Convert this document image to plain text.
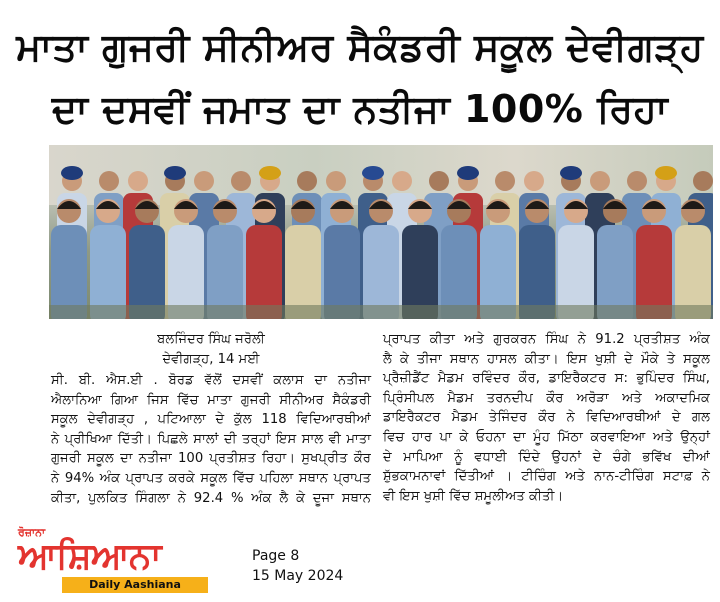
ਮਾਤਾ ਗੁਜਰੀ ਸੀਨੀਅਰ ਸੈਕੰਡਰੀ ਸਕੂਲ ਦੇਵੀਗੜ੍ਹ
ਦਾ ਦਸਵੀਂ ਜਮਾਤ ਦਾ ਨਤੀਜਾ 100% ਰਿਹਾ
ਬਲਜਿੰਦਰ ਸਿੰਘ ਜਰੋਲੀ
ਦੇਵੀਗੜ੍ਹ, 14 ਮਈ
ਸੀ. ਬੀ. ਐਸ.ਈ . ਬੋਰਡ ਵੱਲੋਂ ਦਸਵੀਂ ਕਲਾਸ ਦਾ ਨਤੀਜਾ
ਐਲਾਨਿਆ ਗਿਆ ਜਿਸ ਵਿੱਚ ਮਾਤਾ ਗੁਜਰੀ ਸੀਨੀਅਰ ਸੈਕੰਡਰੀ
ਸਕੂਲ ਦੇਵੀਗੜ੍ਹ , ਪਟਿਆਲਾ ਦੇ ਕੁੱਲ 118 ਵਿਦਿਆਰਥੀਆਂ
ਨੇ ਪ੍ਰੀਖਿਆ ਦਿੱਤੀ। ਪਿਛਲੇ ਸਾਲਾਂ ਦੀ ਤਰ੍ਹਾਂ ਇਸ ਸਾਲ ਵੀ ਮਾਤਾ
ਗੁਜਰੀ ਸਕੂਲ ਦਾ ਨਤੀਜਾ 100 ਪ੍ਰਤੀਸ਼ਤ ਰਿਹਾ। ਸੁਖਪ੍ਰੀਤ ਕੌਰ
ਨੇ 94% ਅੰਕ ਪ੍ਰਾਪਤ ਕਰਕੇ ਸਕੂਲ ਵਿੱਚ ਪਹਿਲਾ ਸਥਾਨ ਪ੍ਰਾਪਤ
ਕੀਤਾ, ਪੁਲਕਿਤ ਸਿੰਗਲਾ ਨੇ 92.4 % ਅੰਕ ਲੈ ਕੇ ਦੂਜਾ ਸਥਾਨ
ਪ੍ਰਾਪਤ ਕੀਤਾ ਅਤੇ ਗੁਰਕਰਨ ਸਿੰਘ ਨੇ 91.2 ਪ੍ਰਤੀਸ਼ਤ ਅੰਕ
ਲੈ ਕੇ ਤੀਜਾ ਸਥਾਨ ਹਾਸਲ ਕੀਤਾ। ਇਸ ਖੁਸ਼ੀ ਦੇ ਮੌਕੇ ਤੇ ਸਕੂਲ
ਪ੍ਰੈਜ਼ੀਡੈਂਟ ਮੈਡਮ ਰਵਿੰਦਰ ਕੌਰ, ਡਾਇਰੈਕਟਰ ਸ: ਭੁਪਿੰਦਰ ਸਿੰਘ,
ਪ੍ਰਿੰਸੀਪਲ ਮੈਡਮ ਤਰਨਦੀਪ ਕੌਰ ਅਰੋੜਾ ਅਤੇ ਅਕਾਦਮਿਕ
ਡਾਇਰੈਕਟਰ ਮੈਡਮ ਤੇਜਿੰਦਰ ਕੌਰ ਨੇ ਵਿਦਿਆਰਥੀਆਂ ਦੇ ਗਲ
ਵਿਚ ਹਾਰ ਪਾ ਕੇ ਓਹਨਾ ਦਾ ਮੂੰਹ ਮਿੱਠਾ ਕਰਵਾਇਆ ਅਤੇ ਉਨ੍ਹਾਂ
ਦੇ ਮਾਪਿਆ ਨੂੰ ਵਧਾਈ ਦਿੰਦੇ ਉਹਨਾਂ ਦੇ ਚੰਗੇ ਭਵਿੱਖ ਦੀਆਂ
ਸ਼ੁੱਭਕਾਮਨਾਵਾਂ ਦਿੱਤੀਆਂ । ਟੀਚਿੰਗ ਅਤੇ ਨਾਨ-ਟੀਚਿੰਗ ਸਟਾਫ਼ ਨੇ
ਵੀ ਇਸ ਖੁਸ਼ੀ ਵਿੱਚ ਸ਼ਮੂਲੀਅਤ ਕੀਤੀ।
ਰੋਜ਼ਾਨਾ
ਆਸ਼ਿਆਨਾ
Daily Aashiana
Page 8
15 May 2024
